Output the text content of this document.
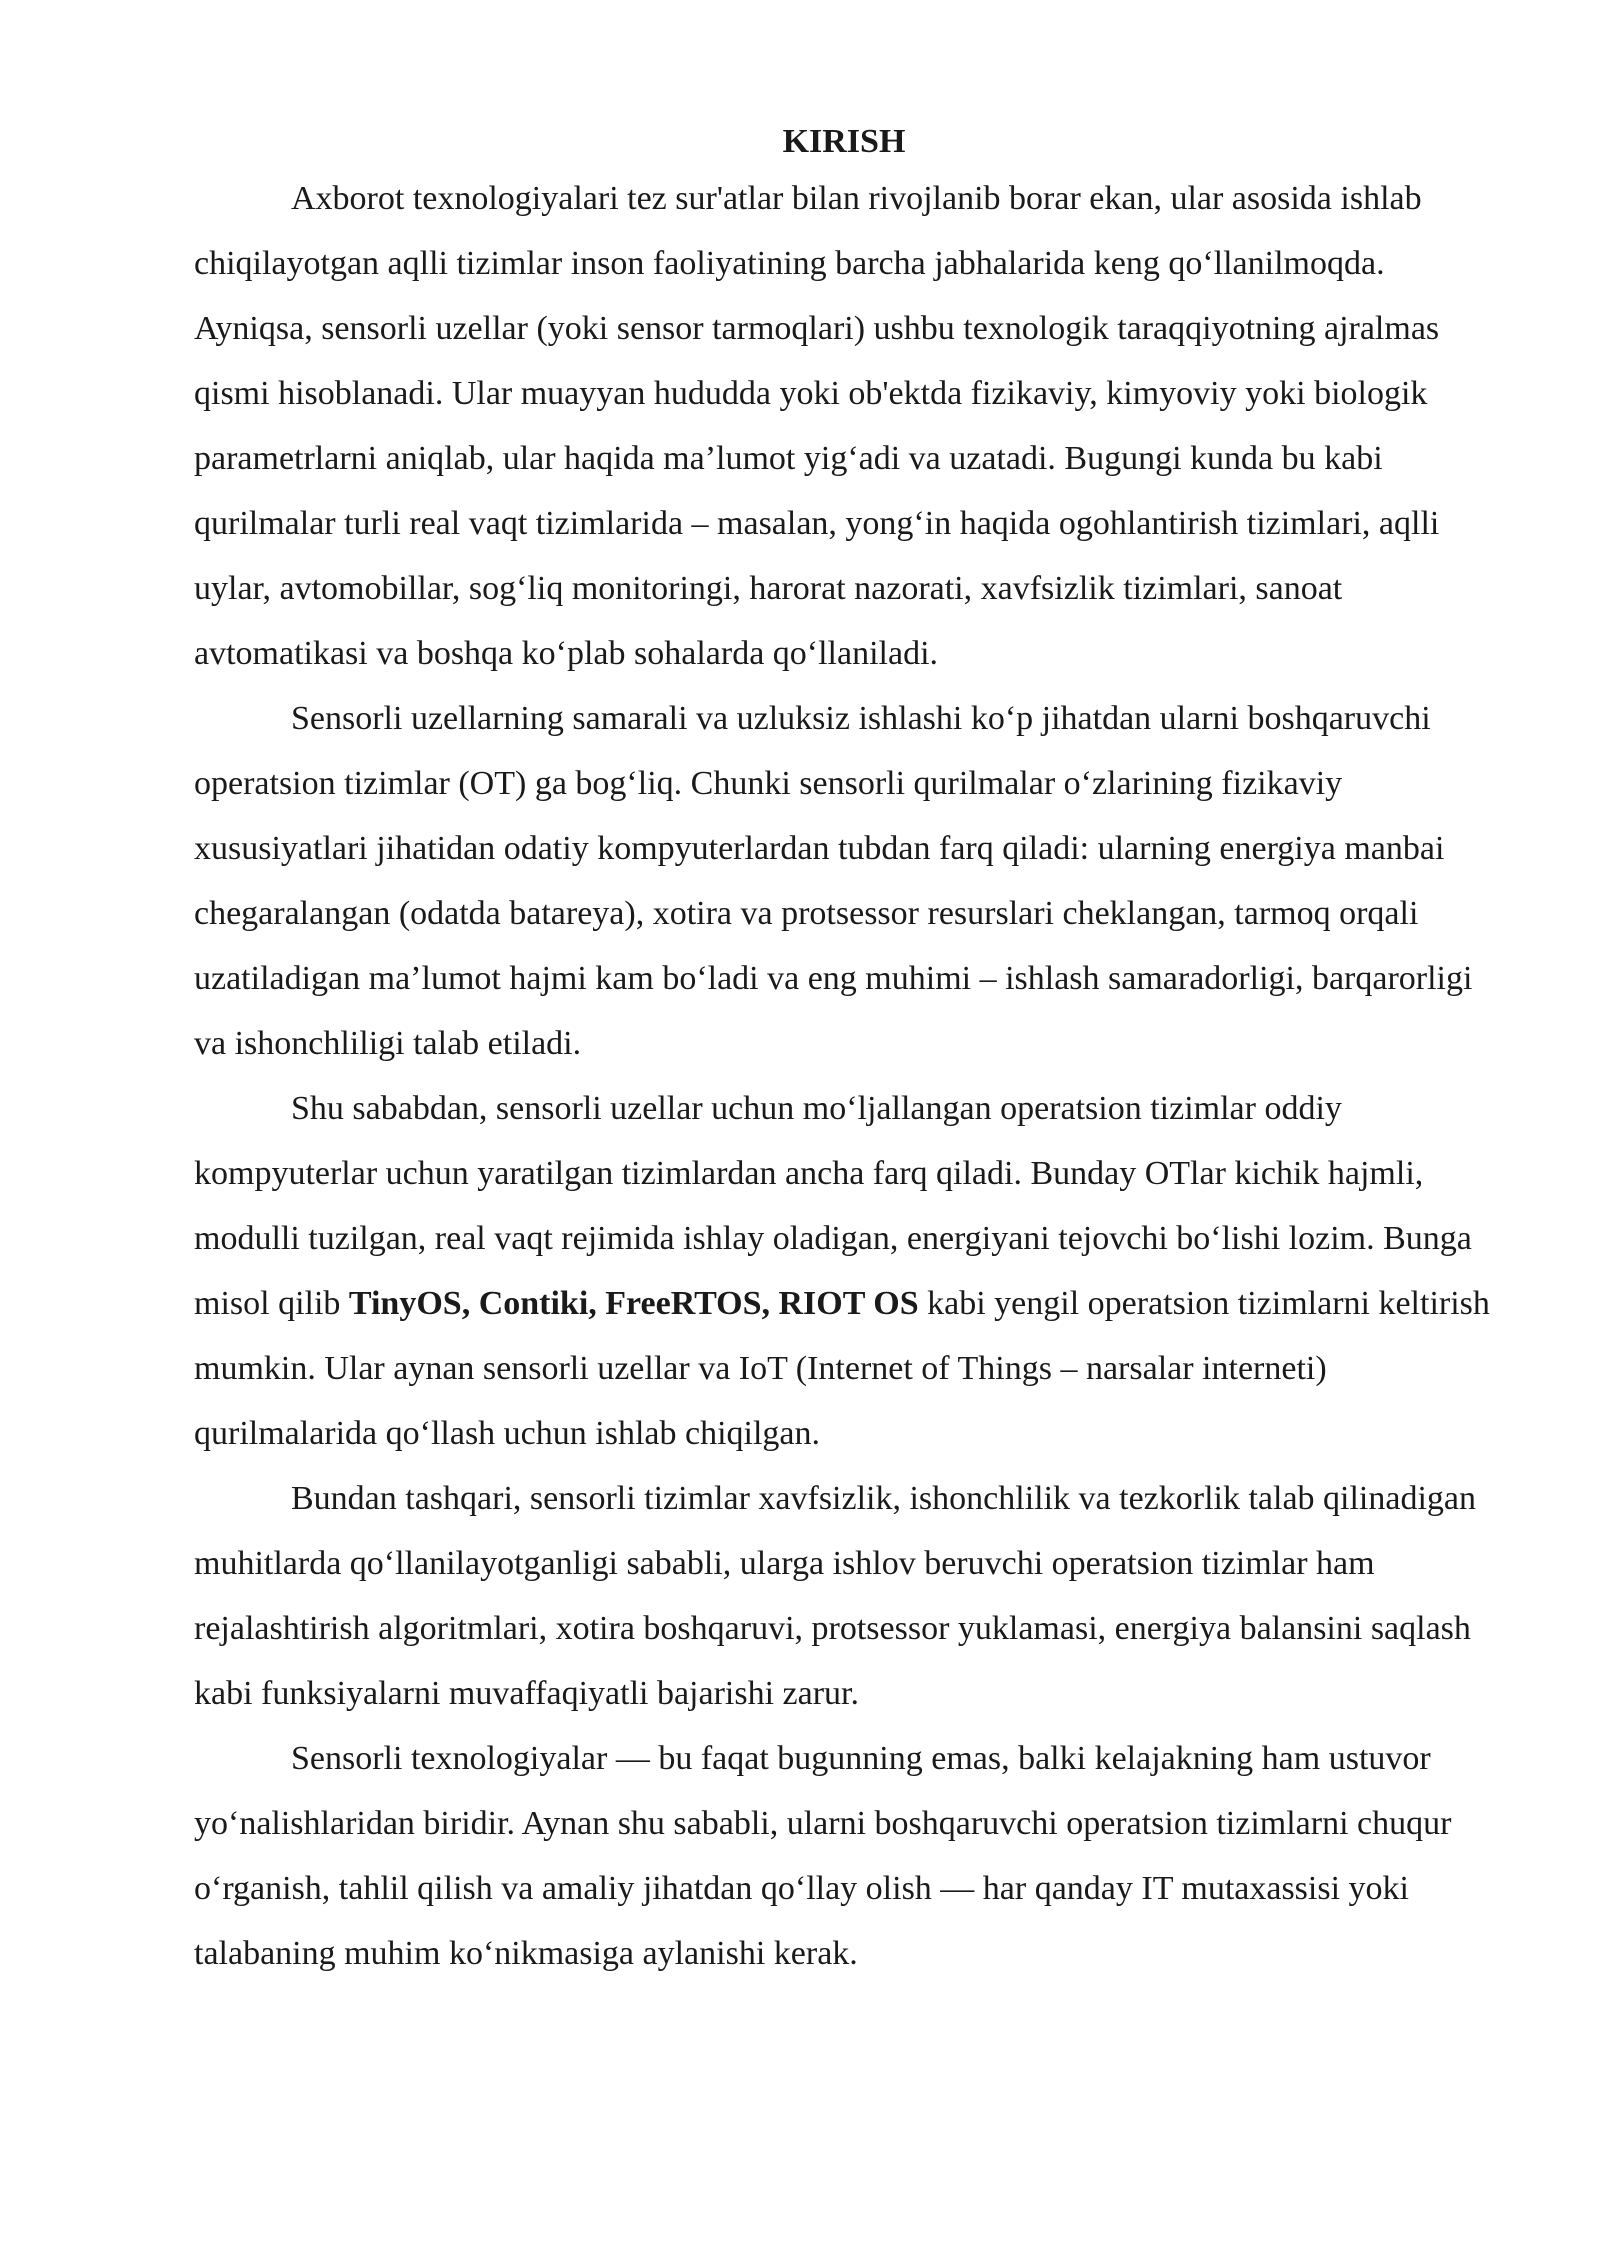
KIRISH

Axborot texnologiyalari tez sur'atlar bilan rivojlanib borar ekan, ular asosida ishlab chiqilayotgan aqlli tizimlar inson faoliyatining barcha jabhalarida keng qo‘llanilmoqda. Ayniqsa, sensorli uzellar (yoki sensor tarmoqlari) ushbu texnologik taraqqiyotning ajralmas qismi hisoblanadi. Ular muayyan hududda yoki ob'ektda fizikaviy, kimyoviy yoki biologik parametrlarni aniqlab, ular haqida ma’lumot yig‘adi va uzatadi. Bugungi kunda bu kabi qurilmalar turli real vaqt tizimlarida – masalan, yong‘in haqida ogohlantirish tizimlari, aqlli uylar, avtomobillar, sog‘liq monitoringi, harorat nazorati, xavfsizlik tizimlari, sanoat avtomatikasi va boshqa ko‘plab sohalarda qo‘llaniladi.

Sensorli uzellarning samarali va uzluksiz ishlashi ko‘p jihatdan ularni boshqaruvchi operatsion tizimlar (OT) ga bog‘liq. Chunki sensorli qurilmalar o‘zlarining fizikaviy xususiyatlari jihatidan odatiy kompyuterlardan tubdan farq qiladi: ularning energiya manbai chegaralangan (odatda batareya), xotira va protsessor resurslari cheklangan, tarmoq orqali uzatiladigan ma’lumot hajmi kam bo‘ladi va eng muhimi – ishlash samaradorligi, barqarorligi va ishonchliligi talab etiladi.

Shu sababdan, sensorli uzellar uchun mo‘ljallangan operatsion tizimlar oddiy kompyuterlar uchun yaratilgan tizimlardan ancha farq qiladi. Bunday OTlar kichik hajmli, modulli tuzilgan, real vaqt rejimida ishlay oladigan, energiyani tejovchi bo‘lishi lozim. Bunga misol qilib TinyOS, Contiki, FreeRTOS, RIOT OS kabi yengil operatsion tizimlarni keltirish mumkin. Ular aynan sensorli uzellar va IoT (Internet of Things – narsalar interneti) qurilmalarida qo‘llash uchun ishlab chiqilgan.

Bundan tashqari, sensorli tizimlar xavfsizlik, ishonchlilik va tezkorlik talab qilinadigan muhitlarda qo‘llanilayotganligi sababli, ularga ishlov beruvchi operatsion tizimlar ham rejalashtirish algoritmlari, xotira boshqaruvi, protsessor yuklamasi, energiya balansini saqlash kabi funksiyalarni muvaffaqiyatli bajarishi zarur.

Sensorli texnologiyalar — bu faqat bugunning emas, balki kelajakning ham ustuvor yo‘nalishlaridan biridir. Aynan shu sababli, ularni boshqaruvchi operatsion tizimlarni chuqur o‘rganish, tahlil qilish va amaliy jihatdan qo‘llay olish — har qanday IT mutaxassisi yoki talabaning muhim ko‘nikmasiga aylanishi kerak.
